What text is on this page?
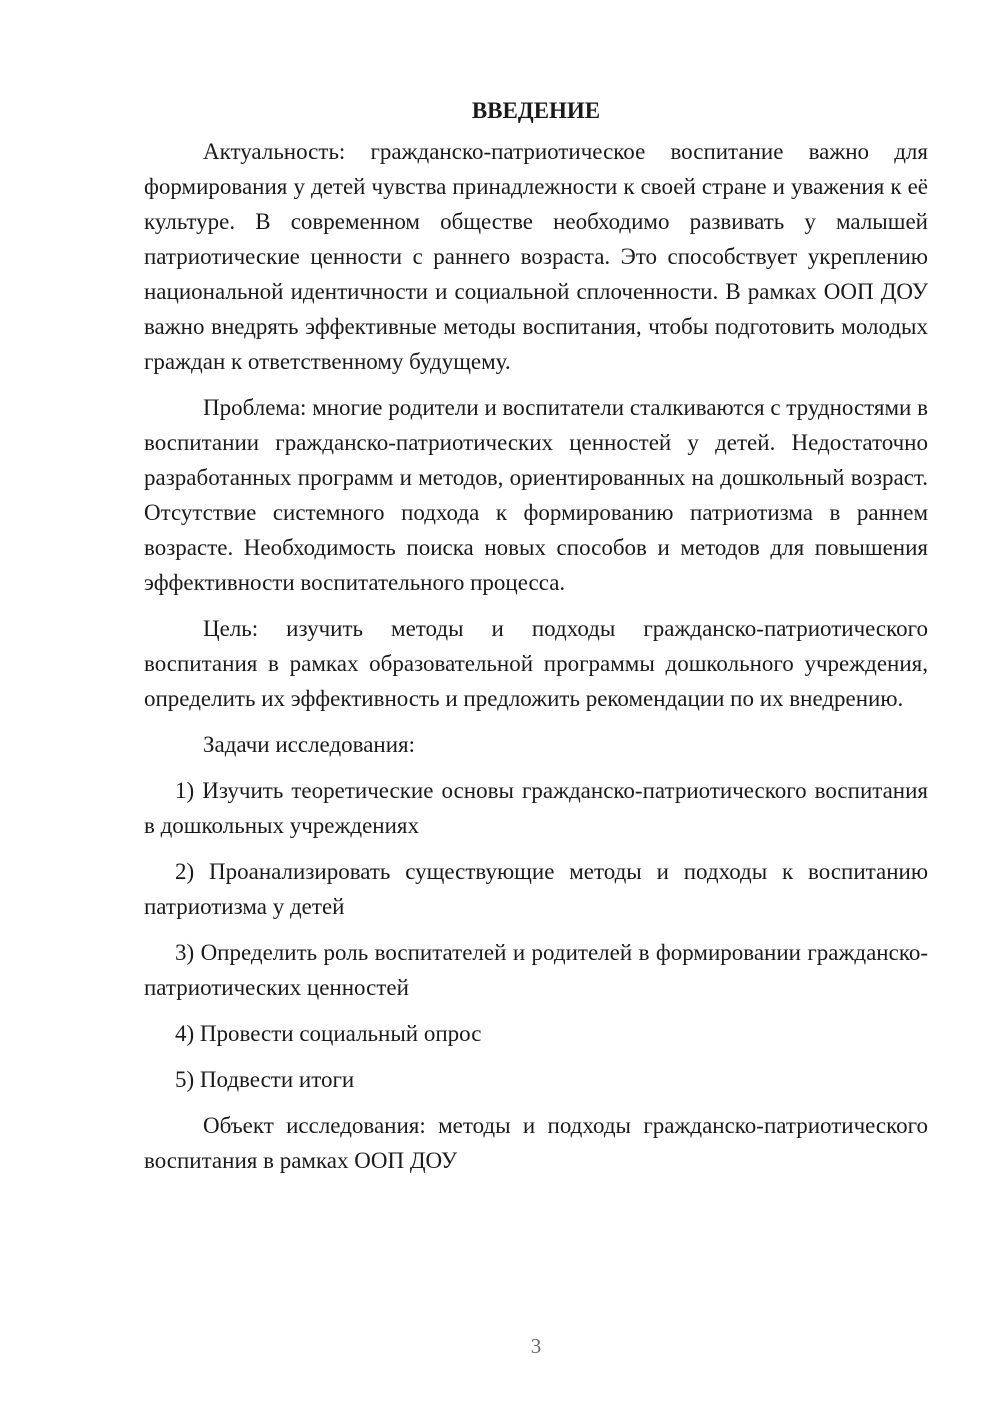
ВВЕДЕНИЕ

Актуальность: гражданско-патриотическое воспитание важно для формирования у детей чувства принадлежности к своей стране и уважения к её культуре. В современном обществе необходимо развивать у малышей патриотические ценности с раннего возраста. Это способствует укреплению национальной идентичности и социальной сплоченности. В рамках ООП ДОУ важно внедрять эффективные методы воспитания, чтобы подготовить молодых граждан к ответственному будущему.

Проблема: многие родители и воспитатели сталкиваются с трудностями в воспитании гражданско-патриотических ценностей у детей. Недостаточно разработанных программ и методов, ориентированных на дошкольный возраст. Отсутствие системного подхода к формированию патриотизма в раннем возрасте. Необходимость поиска новых способов и методов для повышения эффективности воспитательного процесса.

Цель: изучить методы и подходы гражданско-патриотического воспитания в рамках образовательной программы дошкольного учреждения, определить их эффективность и предложить рекомендации по их внедрению.

Задачи исследования:

1) Изучить теоретические основы гражданско-патриотического воспитания в дошкольных учреждениях

2) Проанализировать существующие методы и подходы к воспитанию патриотизма у детей

3) Определить роль воспитателей и родителей в формировании гражданско-патриотических ценностей

4) Провести социальный опрос

5) Подвести итоги

Объект исследования: методы и подходы гражданско-патриотического воспитания в рамках ООП ДОУ

3
